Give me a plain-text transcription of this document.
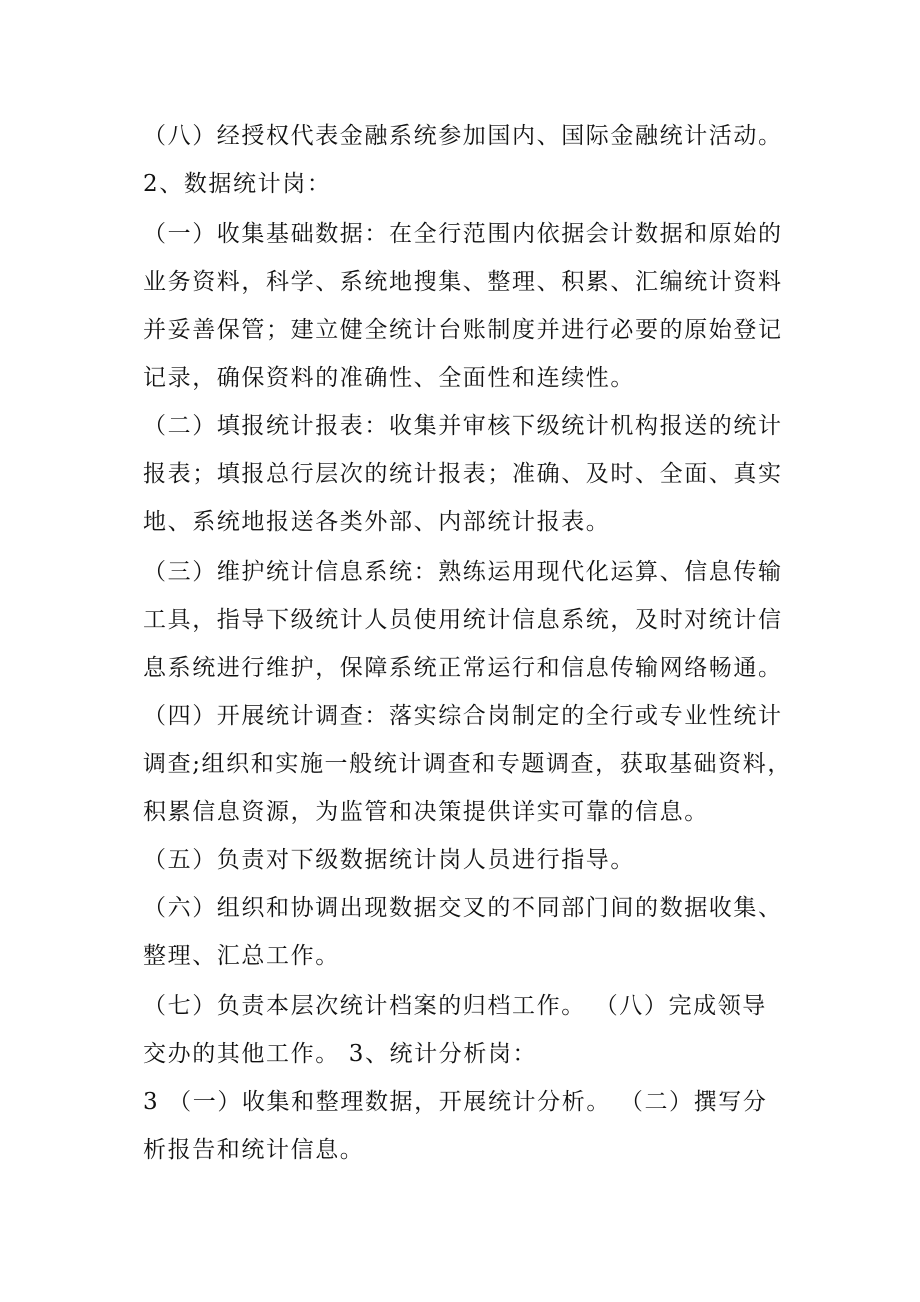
（八）经授权代表金融系统参加国内、国际金融统计活动。
2、数据统计岗：
（一）收集基础数据：在全行范围内依据会计数据和原始的
业务资料，科学、系统地搜集、整理、积累、汇编统计资料
并妥善保管；建立健全统计台账制度并进行必要的原始登记
记录，确保资料的准确性、全面性和连续性。
（二）填报统计报表：收集并审核下级统计机构报送的统计
报表；填报总行层次的统计报表；准确、及时、全面、真实
地、系统地报送各类外部、内部统计报表。
（三）维护统计信息系统：熟练运用现代化运算、信息传输
工具，指导下级统计人员使用统计信息系统，及时对统计信
息系统进行维护，保障系统正常运行和信息传输网络畅通。
（四）开展统计调查：落实综合岗制定的全行或专业性统计
调查;组织和实施一般统计调查和专题调查，获取基础资料，
积累信息资源，为监管和决策提供详实可靠的信息。
（五）负责对下级数据统计岗人员进行指导。
（六）组织和协调出现数据交叉的不同部门间的数据收集、
整理、汇总工作。
（七）负责本层次统计档案的归档工作。 （八）完成领导
交办的其他工作。 3、统计分析岗：
3 （一）收集和整理数据，开展统计分析。 （二）撰写分
析报告和统计信息。
